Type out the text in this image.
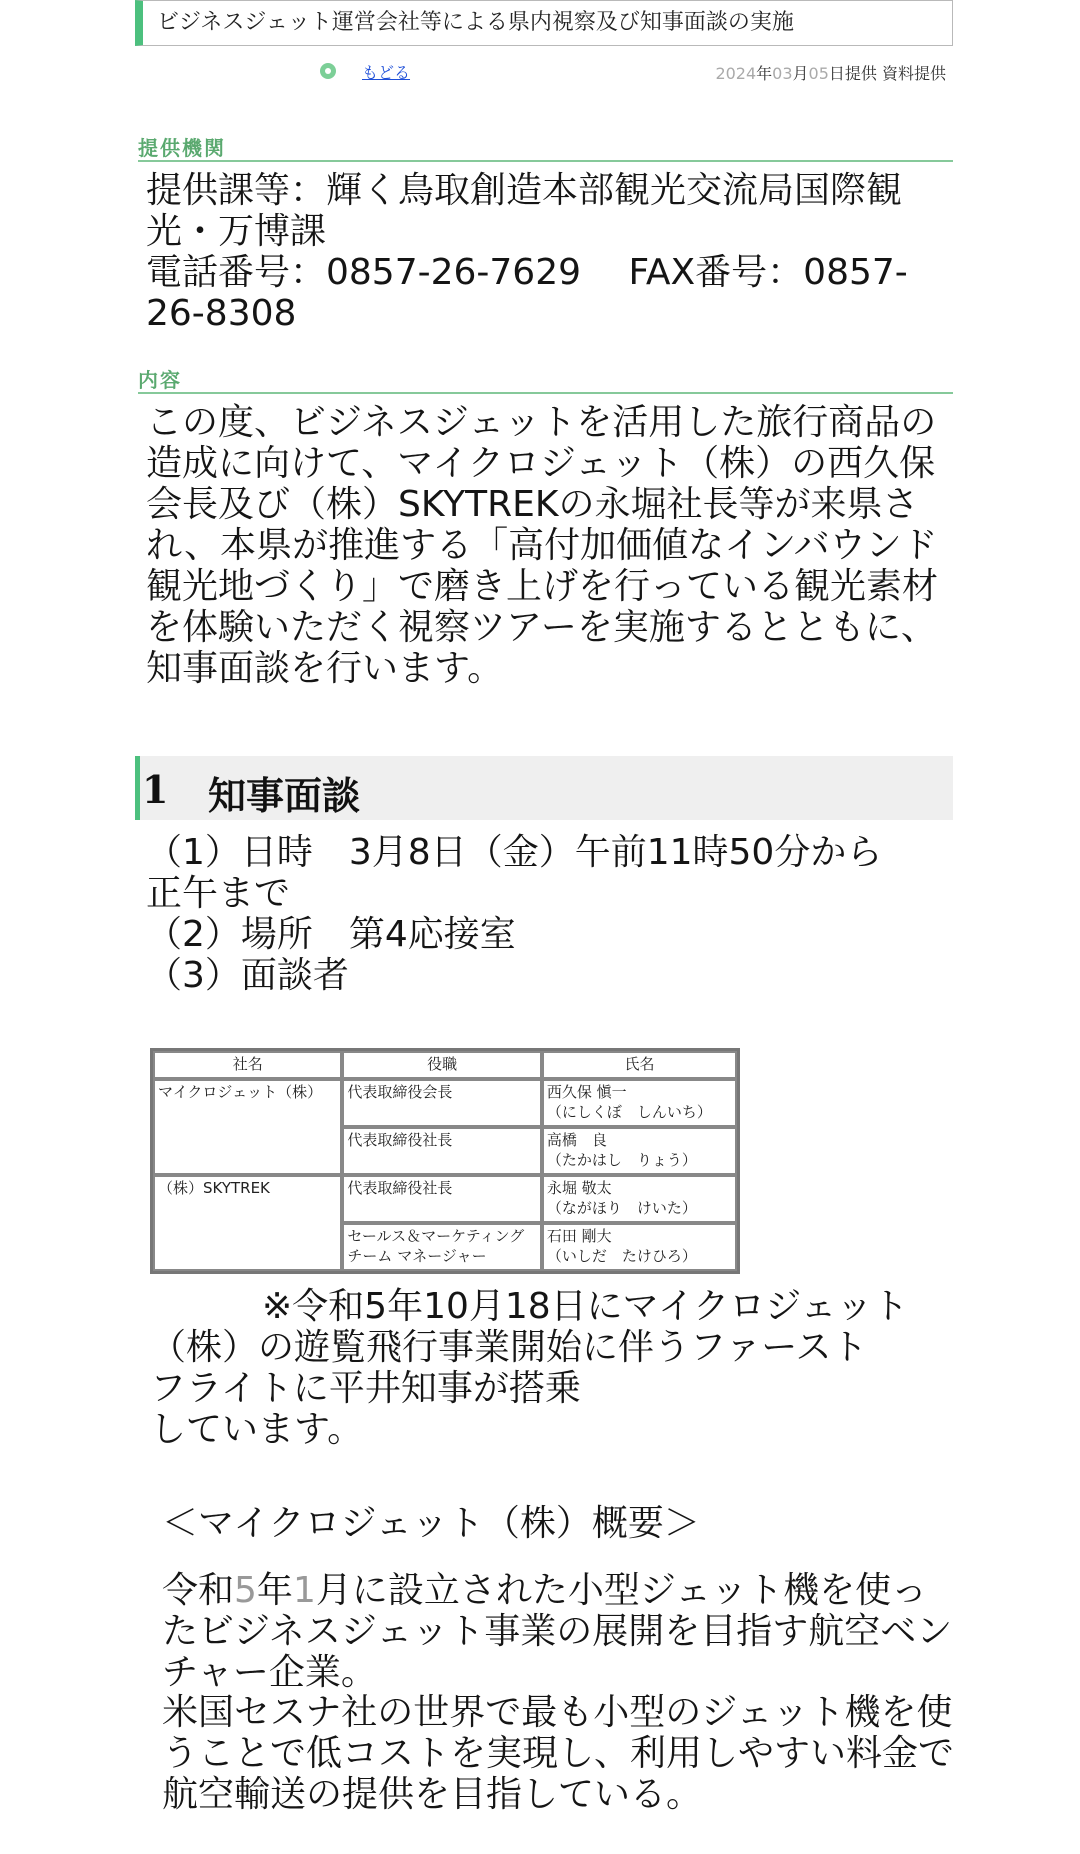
ビジネスジェット運営会社等による県内視察及び知事面談の実施
もどる	2024年03月05日提供 資料提供
提供機関

提供課等：輝く鳥取創造本部観光交流局国際観光・万博課

電話番号：0857-26-7629　 FAX番号：0857-26-8308

内容

この度、ビジネスジェットを活用した旅行商品の造成に向けて、マイクロジェット（株）の西久保会長及び（株）SKYTREKの永堀社長等が来県され、本県が推進する「高付加価値なインバウンド観光地づくり」で磨き上げを行っている観光素材を体験いただく視察ツアーを実施するとともに、知事面談を行います。

1 知事面談
（1）日時　3月8日（金）午前11時50分から
正午まで
（2）場所　第4応接室
（3）面談者
社名	役職	氏名
マイクロジェット（株）	代表取締役会長	西久保 愼一
（にしくぼ　しんいち）

	代表取締役社長	高橋　良
（たかはし　りょう）

（株）SKYTREK	代表取締役社長	永堀 敬太
（ながほり　けいた）

	セールス＆マーケティングチーム マネージャー	石田 剛大
（いしだ　たけひろ）
※令和5年10月18日にマイクロジェット
（株）の遊覧飛行事業開始に伴うファースト
フライトに平井知事が搭乗
しています。
＜マイクロジェット（株）概要＞

令和5年1月に設立された小型ジェット機を使ったビジネスジェット事業の展開を目指す航空ベンチャー企業。

米国セスナ社の世界で最も小型のジェット機を使うことで低コストを実現し、利用しやすい料金で航空輸送の提供を目指している。
